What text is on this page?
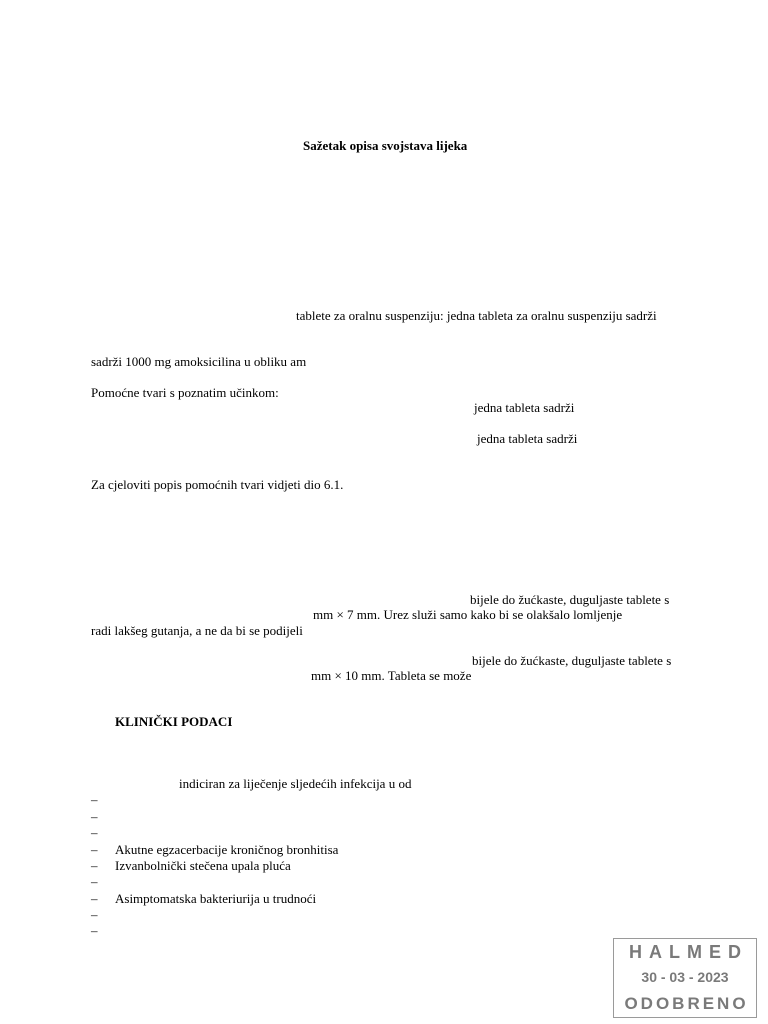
Sažetak opisa svojstava lijeka
tablete za oralnu suspenziju: jedna tableta za oralnu suspenziju sadrži
sadrži 1000 mg amoksicilina u obliku am
Pomoćne tvari s poznatim učinkom:
jedna tableta sadrži
jedna tableta sadrži
Za cjeloviti popis pomoćnih tvari vidjeti dio 6.1.
bijele do žućkaste, duguljaste tablete s
mm × 7 mm. Urez služi samo kako bi se olakšalo lomljenje
radi lakšeg gutanja, a ne da bi se podijeli
bijele do žućkaste, duguljaste tablete s
mm × 10 mm. Tableta se može
KLINIČKI PODACI
indiciran za liječenje sljedećih infekcija u od
–
–
–
– Akutne egzacerbacije kroničnog bronhitisa
– Izvanbolnički stečena upala pluća
–
– Asimptomatska bakteriurija u trudnoći
–
–
HALMED
30 - 03 - 2023
ODOBRENO
